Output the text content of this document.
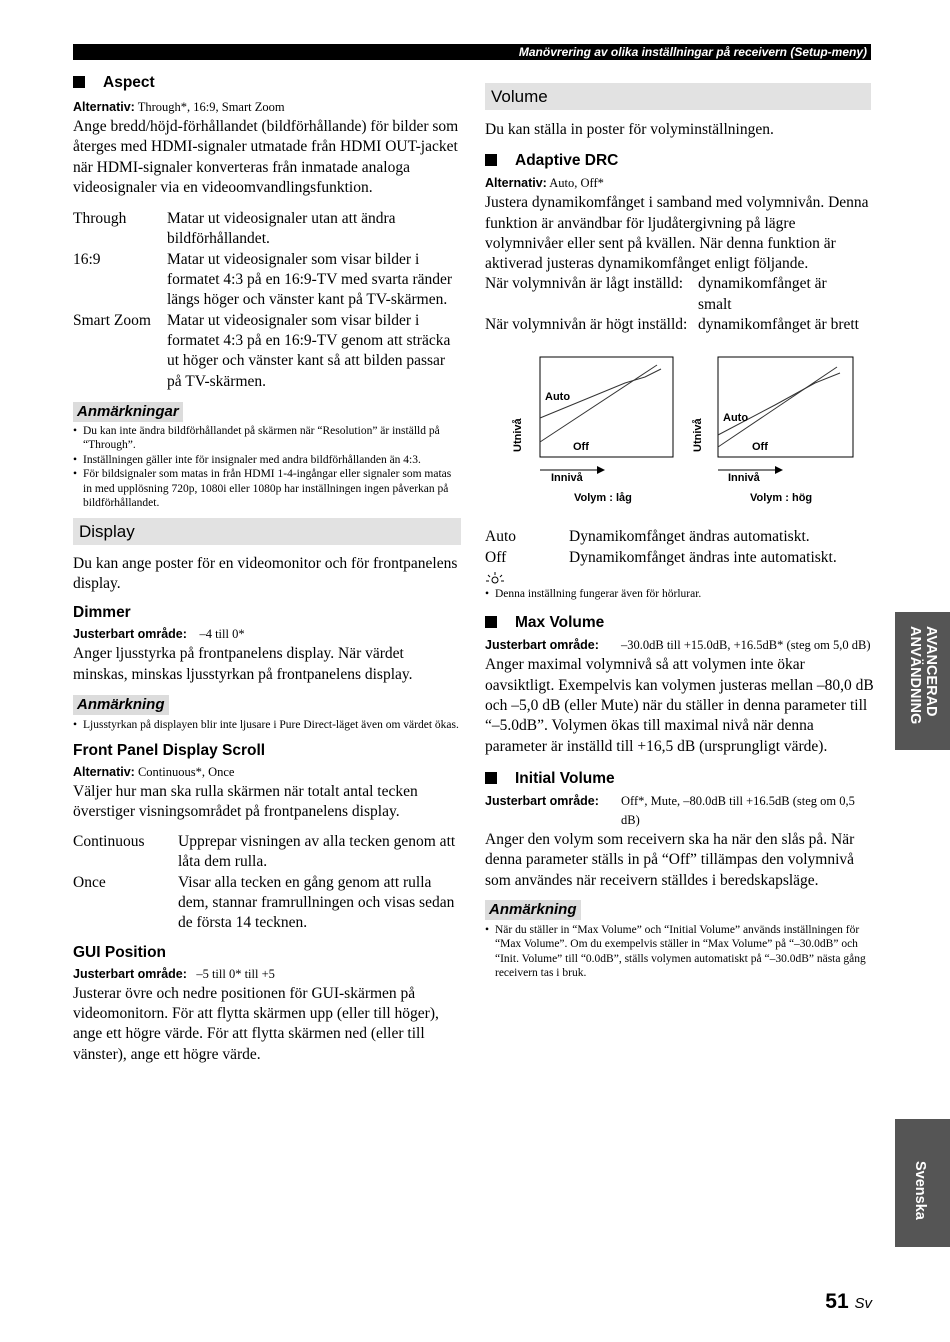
Manövrering av olika inställningar på receivern (Setup-meny)
Aspect
Alternativ: Through*, 16:9, Smart Zoom

Ange bredd/höjd-förhållandet (bildförhållande) för bilder som återges med HDMI-signaler utmatade från HDMI OUT-jacket när HDMI-signaler konverteras från inmatade analoga videosignaler via en videoomvandlingsfunktion.

Through	Matar ut videosignaler utan att ändra bildförhållandet.
16:9	Matar ut videosignaler som visar bilder i formatet 4:3 på en 16:9-TV med svarta ränder längs höger och vänster kant på TV-skärmen.
Smart Zoom	Matar ut videosignaler som visar bilder i formatet 4:3 på en 16:9-TV genom att sträcka ut höger och vänster kant så att bilden passar på TV-skärmen.
Anmärkningar

• Du kan inte ändra bildförhållandet på skärmen när “Resolution” är inställd på “Through”.

• Inställningen gäller inte för insignaler med andra bildförhållanden än 4:3.

• För bildsignaler som matas in från HDMI 1-4-ingångar eller signaler som matas in med upplösning 720p, 1080i eller 1080p har inställningen ingen påverkan på bildförhållandet.

Display

Du kan ange poster för en videomonitor och för frontpanelens display.

Dimmer
Justerbart område: –4 till 0*

Anger ljusstyrka på frontpanelens display. När värdet minskas, minskas ljusstyrkan på frontpanelens display.

Anmärkning

• Ljusstyrkan på displayen blir inte ljusare i Pure Direct-läget även om värdet ökas.

Front Panel Display Scroll
Alternativ: Continuous*, Once

Väljer hur man ska rulla skärmen när totalt antal tecken överstiger visningsområdet på frontpanelens display.

Continuous	Upprepar visningen av alla tecken genom att låta dem rulla.
Once	Visar alla tecken en gång genom att rulla dem, stannar framrullningen och visas sedan de första 14 tecknen.
GUI Position
Justerbart område: –5 till 0* till +5

Justerar övre och nedre positionen för GUI-skärmen på videomonitorn. För att flytta skärmen upp (eller till höger), ange ett högre värde. För att flytta skärmen ned (eller till vänster), ange ett högre värde.

Volume

Du kan ställa in poster för volyminställningen.

Adaptive DRC
Alternativ: Auto, Off*

Justera dynamikomfånget i samband med volymnivån. Denna funktion är användbar för ljudåtergivning på lägre volymnivåer eller sent på kvällen. När denna funktion är aktiverad justeras dynamikomfånget enligt följande.

När volymnivån är lågt inställd: dynamikomfånget är
smalt
När volymnivån är högt inställd: dynamikomfånget är brett
Utnivå
Auto
Off
Innivå
Volym : låg
Utnivå
Auto
Off
Innivå
Volym : hög
Auto	Dynamikomfånget ändras automatiskt.
Off	Dynamikomfånget ändras inte automatiskt.

• Denna inställning fungerar även för hörlurar.

Max Volume
Justerbart område:	–30.0dB till +15.0dB, +16.5dB* (steg om 5,0 dB)

Anger maximal volymnivå så att volymen inte ökar oavsiktligt. Exempelvis kan volymen justeras mellan –80,0 dB och –5,0 dB (eller Mute) när du ställer in denna parameter till “–5.0dB”. Volymen ökas till maximal nivå när denna parameter är inställd till +16,5 dB (ursprungligt värde).

Initial Volume
Justerbart område:	Off*, Mute, –80.0dB till +16.5dB (steg om 0,5 dB)

Anger den volym som receivern ska ha när den slås på. När denna parameter ställs in på “Off” tillämpas den volymnivå som användes när receivern ställdes i beredskapsläge.

Anmärkning

• När du ställer in “Max Volume” och “Initial Volume” används inställningen för “Max Volume”. Om du exempelvis ställer in “Max Volume” på “–30.0dB” och “Init. Volume” till “0.0dB”, ställs volymen automatiskt på “–30.0dB” nästa gång receivern tas i bruk.

AVANCERAD
ANVÄNDNING
Svenska
51 Sv
